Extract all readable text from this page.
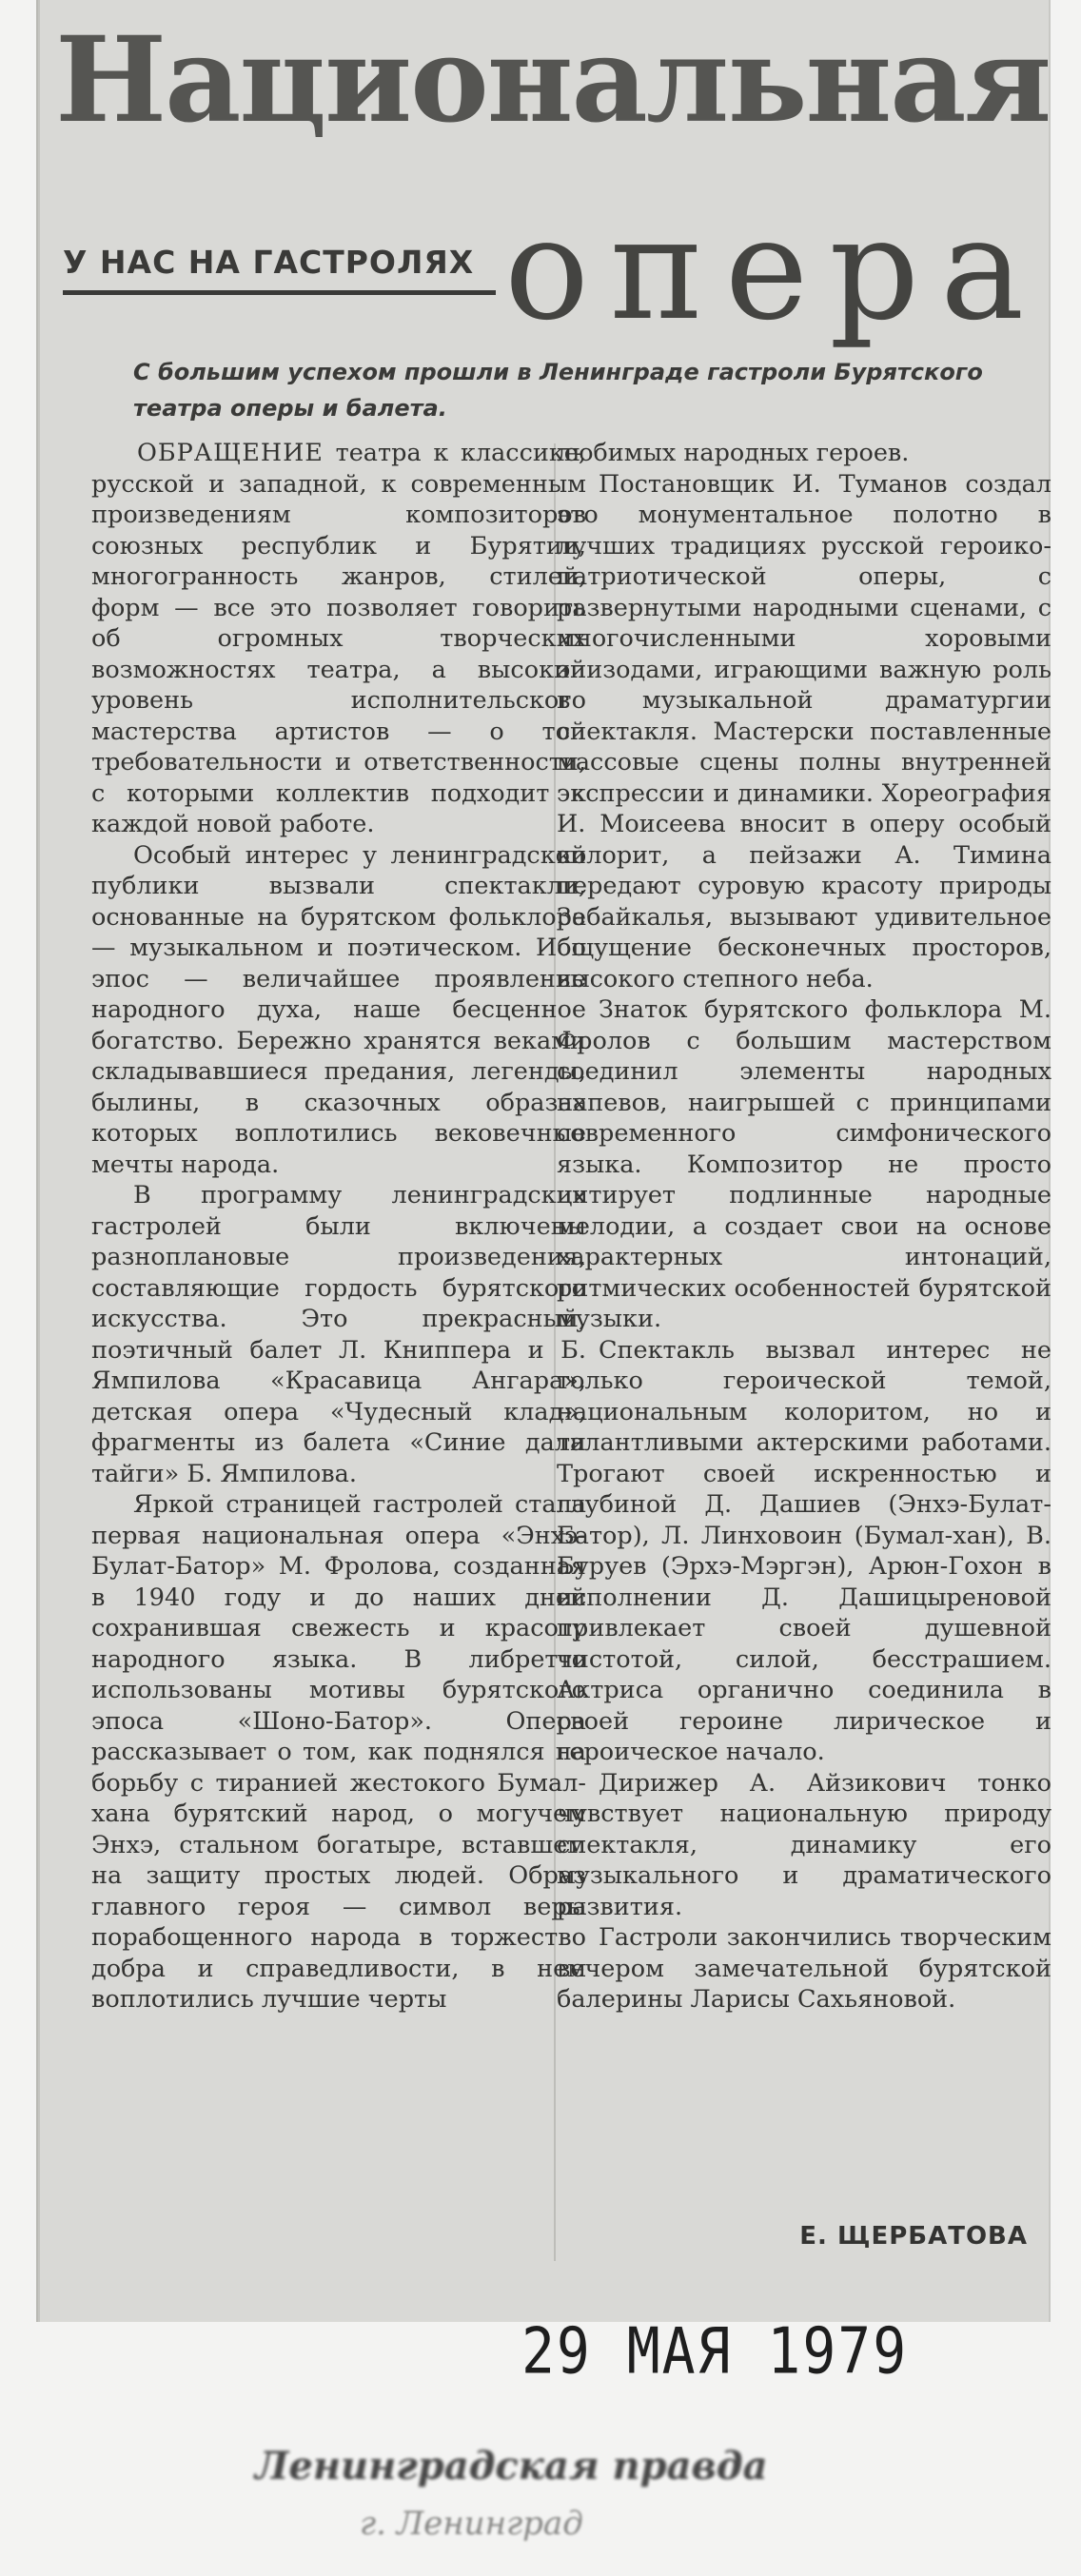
Национальная
У НАС НА ГАСТРОЛЯХ опера
С большим успехом прошли в Ленинграде гастроли Бурятского театра оперы и балета.

ОБРАЩЕНИЕ театра к классике, русской и западной, к современным произведениям композиторов союзных республик и Бурятии, многогранность жанров, стилей, форм — все это позволяет говорить об огромных творческих возможностях театра, а высокий уровень исполнительского мастерства артистов — о той требовательности и ответственности, с которыми коллектив подходит к каждой новой работе.

Особый интерес у ленинградской публики вызвали спектакли, основанные на бурятском фольклоре — музыкальном и поэтическом. Ибо эпос — величайшее проявление народного духа, наше бесценное богатство. Бережно хранятся веками складывавшиеся предания, легенды, былины, в сказочных образах которых воплотились вековечные мечты народа.

В программу ленинградских гастролей были включены разноплановые произведения, составляющие гордость бурятского искусства. Это прекрасный, поэтичный балет Л. Книппера и Б. Ямпилова «Красавица Ангара», детская опера «Чудесный клад», фрагменты из балета «Синие дали тайги» Б. Ямпилова.

Яркой страницей гастролей стала первая национальная опера «Энхэ-Булат-Батор» М. Фролова, созданная в 1940 году и до наших дней сохранившая свежесть и красоту народного языка. В либретто использованы мотивы бурятского эпоса «Шоно-Батор». Опера рассказывает о том, как поднялся на борьбу с тиранией жестокого Бумал-хана бурятский народ, о могучем Энхэ, стальном богатыре, вставшем на защиту простых людей. Образ главного героя — символ веры порабощенного народа в торжество добра и справедливости, в нем воплотились лучшие черты

любимых народных героев.

Постановщик И. Туманов создал это монументальное полотно в лучших традициях русской героико-патриотической оперы, с развернутыми народными сценами, с многочисленными хоровыми эпизодами, играющими важную роль в музыкальной драматургии спектакля. Мастерски поставленные массовые сцены полны внутренней экспрессии и динамики. Хореография И. Моисеева вносит в оперу особый колорит, а пейзажи А. Тимина передают суровую красоту природы Забайкалья, вызывают удивительное ощущение бесконечных просторов, высокого степного неба.

Знаток бурятского фольклора М. Фролов с большим мастерством соединил элементы народных напевов, наигрышей с принципами современного симфонического языка. Композитор не просто цитирует подлинные народные мелодии, а создает свои на основе характерных интонаций, ритмических особенностей бурятской музыки.

Спектакль вызвал интерес не только героической темой, национальным колоритом, но и талантливыми актерскими работами. Трогают своей искренностью и глубиной Д. Дашиев (Энхэ-Булат-Батор), Л. Линховоин (Бумал-хан), В. Буруев (Эрхэ-Мэргэн), Арюн-Гохон в исполнении Д. Дашицыреновой привлекает своей душевной чистотой, силой, бесстрашием. Актриса органично соединила в своей героине лирическое и героическое начало.

Дирижер А. Айзикович тонко чувствует национальную природу спектакля, динамику его музыкального и драматического развития.

Гастроли закончились творческим вечером замечательной бурятской балерины Ларисы Сахьяновой.

Е. ЩЕРБАТОВА
29 МАЯ 1979
Ленинградская правда
г. Ленинград
